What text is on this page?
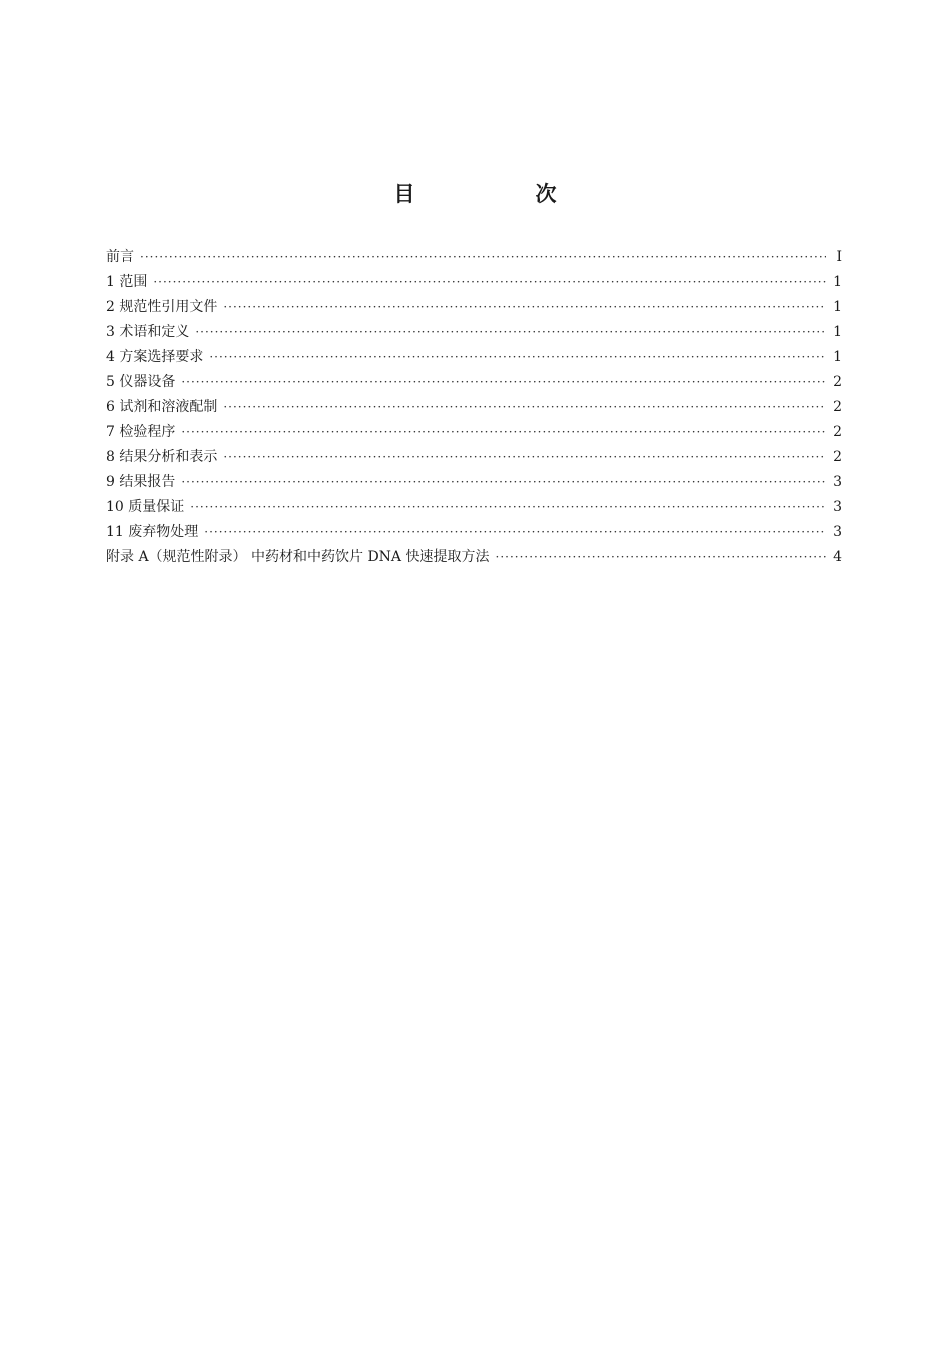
目　次
前言 ·····	Ⅰ
1 范围 ·····	1
2 规范性引用文件 ·····	1
3 术语和定义 ·····	1
4 方案选择要求 ·····	1
5 仪器设备 ·····	2
6 试剂和溶液配制 ·····	2
7 检验程序 ·····	2
8 结果分析和表示 ·····	2
9 结果报告 ·····	3
10 质量保证 ·····	3
11 废弃物处理 ·····	3
附录 A（规范性附录） 中药材和中药饮片 DNA 快速提取方法 ·····	4
